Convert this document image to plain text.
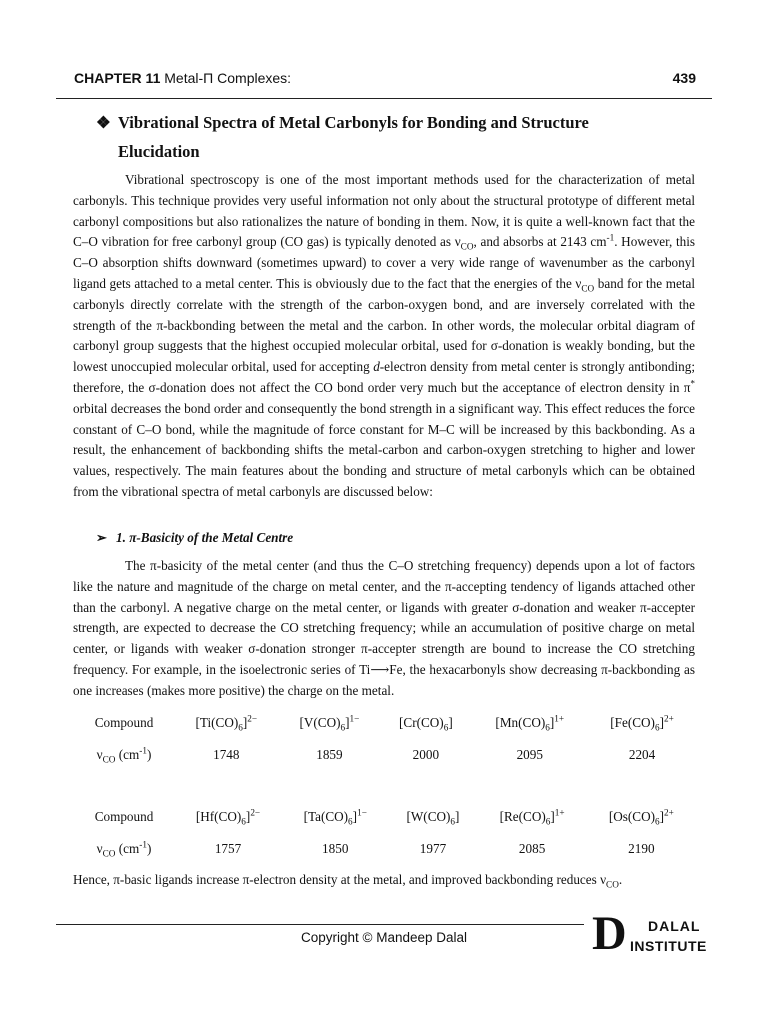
CHAPTER 11 Metal-Π Complexes:	439
❖ Vibrational Spectra of Metal Carbonyls for Bonding and Structure
Elucidation
Vibrational spectroscopy is one of the most important methods used for the characterization of metal carbonyls. This technique provides very useful information not only about the structural prototype of different metal carbonyl compositions but also rationalizes the nature of bonding in them. Now, it is quite a well-known fact that the C–O vibration for free carbonyl group (CO gas) is typically denoted as $\nu_{CO}$, and absorbs at 2143 $cm^{-1}$. However, this C–O absorption shifts downward (sometimes upward) to cover a very wide range of wavenumber as the carbonyl ligand gets attached to a metal center. This is obviously due to the fact that the energies of the $\nu_{CO}$ band for the metal carbonyls directly correlate with the strength of the carbon-oxygen bond, and are inversely correlated with the strength of the π-backbonding between the metal and the carbon. In other words, the molecular orbital diagram of carbonyl group suggests that the highest occupied molecular orbital, used for σ-donation is weakly bonding, but the lowest unoccupied molecular orbital, used for accepting d-electron density from metal center is strongly antibonding; therefore, the σ-donation does not affect the CO bond order very much but the acceptance of electron density in π* orbital decreases the bond order and consequently the bond strength in a significant way. This effect reduces the force constant of C–O bond, while the magnitude of force constant for M–C will be increased by this backbonding. As a result, the enhancement of backbonding shifts the metal-carbon and carbon-oxygen stretching to higher and lower values, respectively. The main features about the bonding and structure of metal carbonyls which can be obtained from the vibrational spectra of metal carbonyls are discussed below:
➢ 1. π-Basicity of the Metal Centre
The π-basicity of the metal center (and thus the C–O stretching frequency) depends upon a lot of factors like the nature and magnitude of the charge on metal center, and the π-accepting tendency of ligands attached other than the carbonyl. A negative charge on the metal center, or ligands with greater σ-donation and weaker π-accepter strength, are expected to decrease the CO stretching frequency; while an accumulation of positive charge on metal center, or ligands with weaker σ-donation stronger π-accepter strength are bound to increase the CO stretching frequency. For example, in the isoelectronic series of Ti⟶Fe, the hexacarbonyls show decreasing π-backbonding as one increases (makes more positive) the charge on the metal.
Compound	$[Ti(CO)_6]^{2-}$	$[V(CO)_6]^{1-}$	$[Cr(CO)_6]$	$[Mn(CO)_6]^{1+}$	$[Fe(CO)_6]^{2+}$
$\nu_{CO}$ $(cm^{-1})$	1748	1859	2000	2095	2204
Compound	$[Hf(CO)_6]^{2-}$	$[Ta(CO)_6]^{1-}$	$[W(CO)_6]$	$[Re(CO)_6]^{1+}$	$[Os(CO)_6]^{2+}$
$\nu_{CO}$ $(cm^{-1})$	1757	1850	1977	2085	2190
Hence, π-basic ligands increase π-electron density at the metal, and improved backbonding reduces $\nu_{CO}$.
Copyright © Mandeep Dalal	D DALAL
INSTITUTE
